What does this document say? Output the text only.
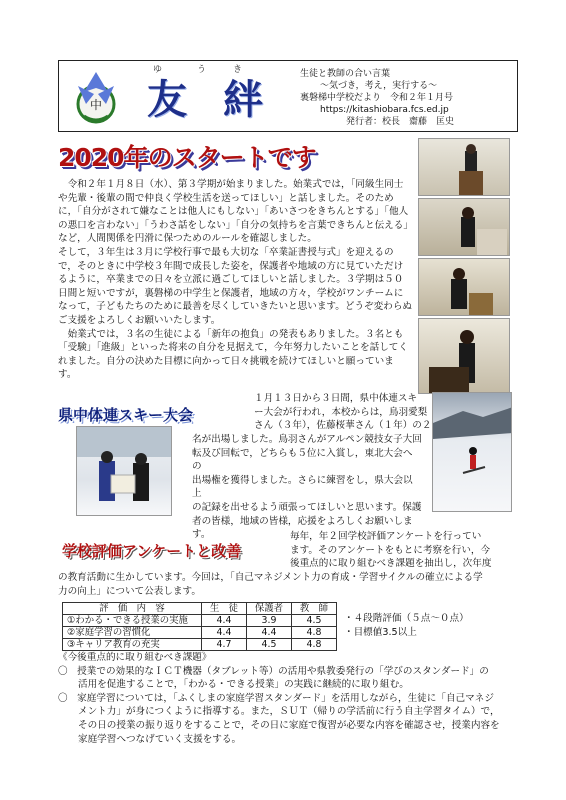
中
ゆ	う	き
友 絆
生徒と教師の合い言葉
～気づき，考え，実行する～
裏磐梯中学校だより　令和２年１月号
https://kitashiobara.fcs.ed.jp
発行者：校長　齋藤　匡史
2020年のスタートです

令和２年１月８日（水）、第３学期が始まりました。始業式では，「同級生同士や先輩・後輩の間で仲良く学校生活を送ってほしい」と話しました。そのために，「自分がされて嫌なことは他人にもしない」「あいさつをきちんとする」「他人の悪口を言わない」「うわさ話をしない」「自分の気持ちを言葉できちんと伝える」など，人間関係を円滑に保つためのルールを確認しました。

そして，３年生は３月に学校行事で最も大切な「卒業証書授与式」を迎えるので，そのときに中学校３年間で成長した姿を，保護者や地域の方に見ていただけるように，卒業までの日々を立派に過ごしてほしいと話しました。３学期は５０日間と短いですが，裏磐梯の中学生と保護者，地域の方々，学校がワンチームになって，子どもたちのために最善を尽くしていきたいと思います。どうぞ変わらぬご支援をよろしくお願いいたします。

始業式では，３名の生徒による「新年の抱負」の発表もありました。３名とも「受験」「進級」といった将来の自分を見据えて，今年努力したいことを話してくれました。自分の決めた目標に向かって日々挑戦を続けてほしいと願っています。

県中体連スキー大会
１月１３日から３日間，県中体連スキ
ー大会が行われ，本校からは，鳥羽愛梨
さん（３年），佐藤桜華さん（１年）の２
名が出場しました。鳥羽さんがアルペン競技女子大回
転及び回転で，どちらも５位に入賞し，東北大会への
出場権を獲得しました。さらに練習をし，県大会以上
の記録を出せるよう頑張ってほしいと思います。保護
者の皆様，地域の皆様，応援をよろしくお願いします。
学校評価アンケートと改善
毎年，年２回学校評価アンケートを行ってい
ます。そのアンケートをもとに考察を行い，今
後重点的に取り組むべき課題を抽出し，次年度
の教育活動に生かしています。今回は，「自己マネジメント力の育成・学習サイクルの確立による学
力の向上」について公表します。
評　価　内　容	生　徒	保護者	教　師
①わかる・できる授業の実施	4.4	3.9	4.5
②家庭学習の習慣化	4.4	4.4	4.8
③キャリア教育の充実	4.7	4.5	4.8
・４段階評価（５点～０点）
・目標値3.5以上
《今後重点的に取り組むべき課題》
〇　授業での効果的なＩＣＴ機器（タブレット等）の活用や県教委発行の「学びのスタンダード」の
活用を促進することで，「わかる・できる授業」の実践に継続的に取り組む。
〇　家庭学習については，「ふくしまの家庭学習スタンダード」を活用しながら，生徒に「自己マネジ
メント力」が身につくように指導する。また，ＳＵＴ（帰りの学活前に行う自主学習タイム）で，
その日の授業の振り返りをすることで，その日に家庭で復習が必要な内容を確認させ，授業内容を
家庭学習へつなげていく支援をする。
